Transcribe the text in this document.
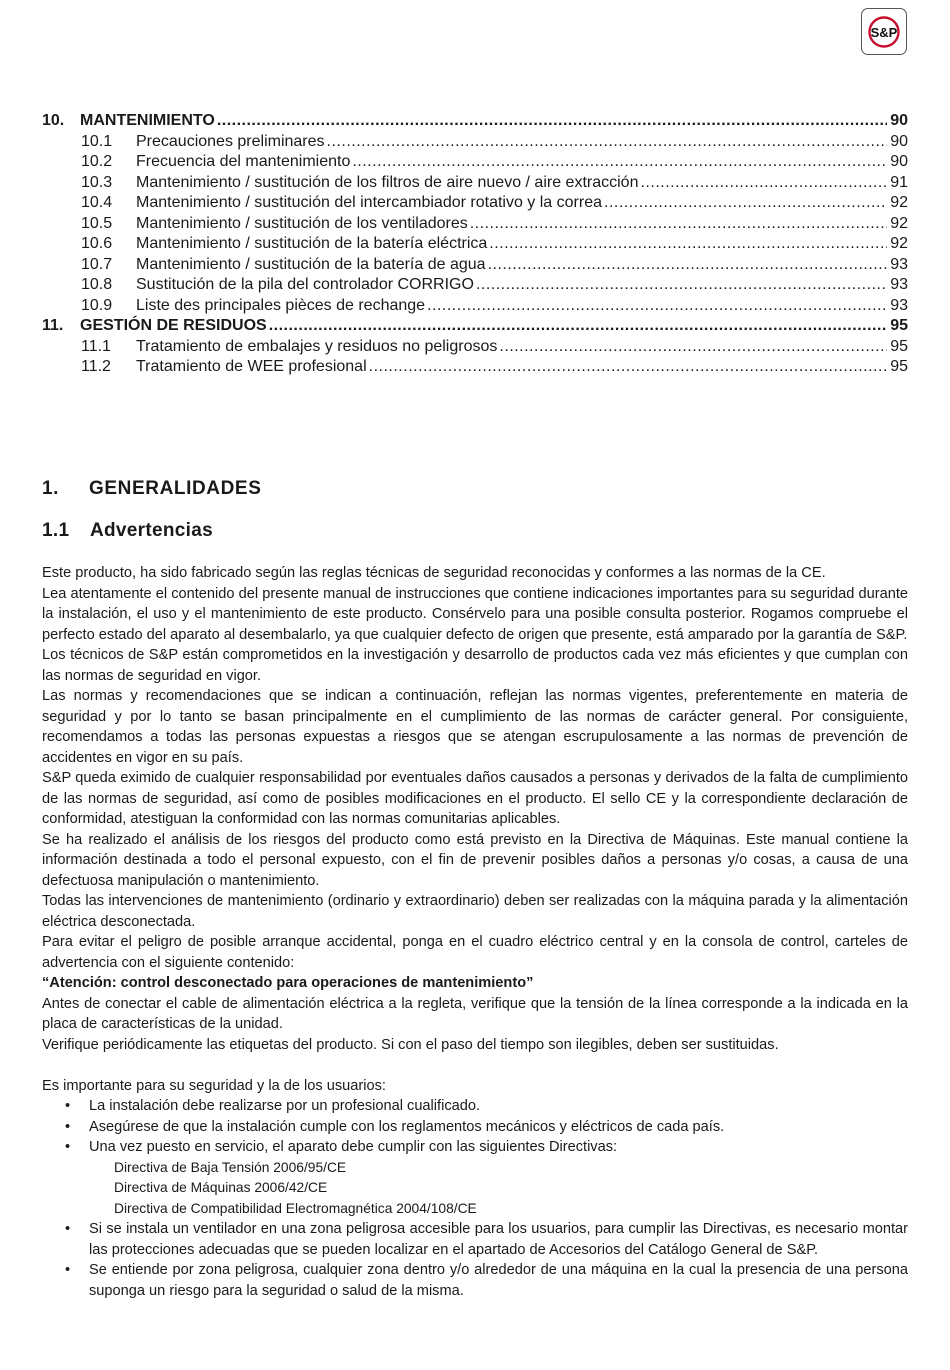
S&P
10. MANTENIMIENTO .....	90
10.1	Precauciones preliminares .....	90
10.2	Frecuencia del mantenimiento .....	90
10.3	Mantenimiento / sustitución de los filtros de aire nuevo / aire extracción .....	91
10.4	Mantenimiento / sustitución del intercambiador rotativo y la correa .....	92
10.5	Mantenimiento / sustitución de los ventiladores .....	92
10.6	Mantenimiento / sustitución de la batería eléctrica .....	92
10.7	Mantenimiento / sustitución de la batería de agua .....	93
10.8	Sustitución de la pila del controlador CORRIGO .....	93
10.9	Liste des principales pièces de rechange .....	93
11.	GESTIÓN DE RESIDUOS .....	95
11.1	Tratamiento de embalajes y residuos no peligrosos .....	95
11.2	Tratamiento de WEE profesional .....	95
1. GENERALIDADES
1.1 Advertencias

Este producto, ha sido fabricado según las reglas técnicas de seguridad reconocidas y conformes a las normas de la CE.

Lea atentamente el contenido del presente manual de instrucciones que contiene indicaciones importantes para su seguridad durante la instalación, el uso y el mantenimiento de este producto. Consérvelo para una posible consulta posterior. Rogamos compruebe el perfecto estado del aparato al desembalarlo, ya que cualquier defecto de origen que presente, está amparado por la garantía de S&P.

Los técnicos de S&P están comprometidos en la investigación y desarrollo de productos cada vez más eficientes y que cumplan con las normas de seguridad en vigor.

Las normas y recomendaciones que se indican a continuación, reflejan las normas vigentes, preferentemente en materia de seguridad y por lo tanto se basan principalmente en el cumplimiento de las normas de carácter general. Por consiguiente, recomendamos a todas las personas expuestas a riesgos que se atengan escrupulosamente a las normas de prevención de accidentes en vigor en su país.

S&P queda eximido de cualquier responsabilidad por eventuales daños causados a personas y derivados de la falta de cumplimiento de las normas de seguridad, así como de posibles modificaciones en el producto. El sello CE y la correspondiente declaración de conformidad, atestiguan la conformidad con las normas comunitarias aplicables.

Se ha realizado el análisis de los riesgos del producto como está previsto en la Directiva de Máquinas. Este manual contiene la información destinada a todo el personal expuesto, con el fin de prevenir posibles daños a personas y/o cosas, a causa de una defectuosa manipulación o mantenimiento.

Todas las intervenciones de mantenimiento (ordinario y extraordinario) deben ser realizadas con la máquina parada y la alimentación eléctrica desconectada.

Para evitar el peligro de posible arranque accidental, ponga en el cuadro eléctrico central y en la consola de control, carteles de advertencia con el siguiente contenido:

“Atención: control desconectado para operaciones de mantenimiento”

Antes de conectar el cable de alimentación eléctrica a la regleta, verifique que la tensión de la línea corresponde a la indicada en la placa de características de la unidad.

Verifique periódicamente las etiquetas del producto. Si con el paso del tiempo son ilegibles, deben ser sustituidas.

Es importante para su seguridad y la de los usuarios:

• La instalación debe realizarse por un profesional cualificado.
• Asegúrese de que la instalación cumple con los reglamentos mecánicos y eléctricos de cada país.
• Una vez puesto en servicio, el aparato debe cumplir con las siguientes Directivas:
Directiva de Baja Tensión 2006/95/CE
Directiva de Máquinas 2006/42/CE
Directiva de Compatibilidad Electromagnética 2004/108/CE
• Si se instala un ventilador en una zona peligrosa accesible para los usuarios, para cumplir las Directivas, es necesario montar las protecciones adecuadas que se pueden localizar en el apartado de Accesorios del Catálogo General de S&P.
• Se entiende por zona peligrosa, cualquier zona dentro y/o alrededor de una máquina en la cual la presencia de una persona suponga un riesgo para la seguridad o salud de la misma.
